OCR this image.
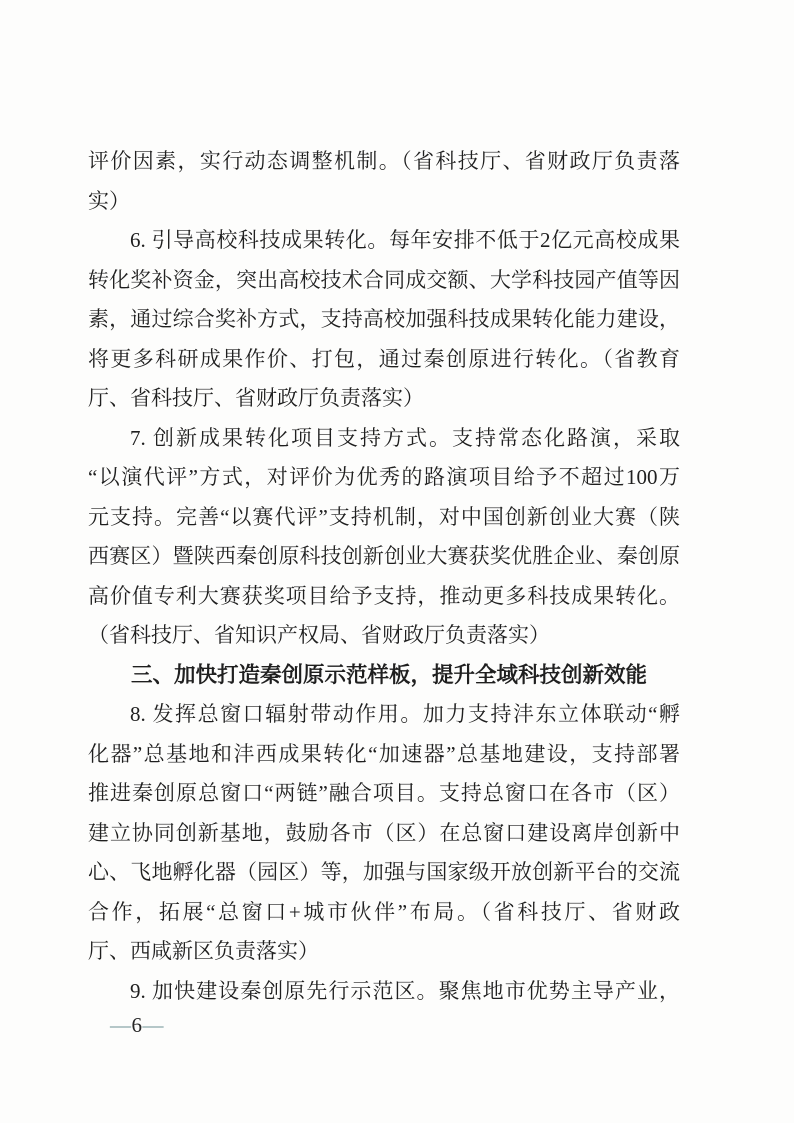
评价因素，实行动态调整机制。（省科技厅、省财政厅负责落
实）
6. 引导高校科技成果转化。每年安排不低于2亿元高校成果
转化奖补资金，突出高校技术合同成交额、大学科技园产值等因
素，通过综合奖补方式，支持高校加强科技成果转化能力建设，
将更多科研成果作价、打包，通过秦创原进行转化。（省教育
厅、省科技厅、省财政厅负责落实）
7. 创新成果转化项目支持方式。支持常态化路演，采取
“以演代评”方式，对评价为优秀的路演项目给予不超过100万
元支持。完善“以赛代评”支持机制，对中国创新创业大赛（陕
西赛区）暨陕西秦创原科技创新创业大赛获奖优胜企业、秦创原
高价值专利大赛获奖项目给予支持，推动更多科技成果转化。
（省科技厅、省知识产权局、省财政厅负责落实）
三、加快打造秦创原示范样板，提升全域科技创新效能
8. 发挥总窗口辐射带动作用。加力支持沣东立体联动“孵
化器”总基地和沣西成果转化“加速器”总基地建设，支持部署
推进秦创原总窗口“两链”融合项目。支持总窗口在各市（区）
建立协同创新基地，鼓励各市（区）在总窗口建设离岸创新中
心、飞地孵化器（园区）等，加强与国家级开放创新平台的交流
合作，拓展“总窗口+城市伙伴”布局。（省科技厅、省财政
厅、西咸新区负责落实）
9. 加快建设秦创原先行示范区。聚焦地市优势主导产业，
—6—
